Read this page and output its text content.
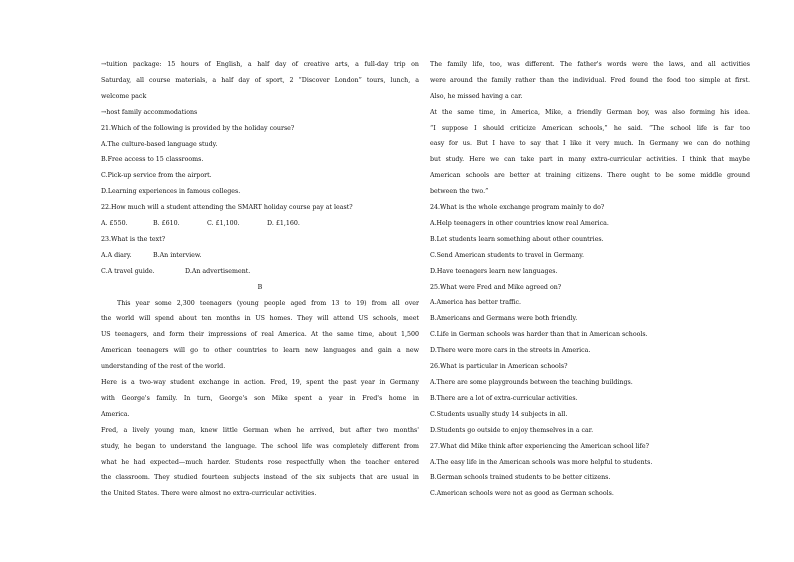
→tuition package: 15 hours of English, a half day of creative arts, a full-day trip on
Saturday, all course materials, a half day of sport, 2 “Discover London” tours, lunch, a
welcome pack
→host family accommodations
21.Which of the following is provided by the holiday course?
A.The culture-based language study.
B.Free access to 15 classrooms.
C.Pick-up service from the airport.
D.Learning experiences in famous colleges.
22.How much will a student attending the SMART holiday course pay at least?
A. £550.	B. £610.	C. £1,100.	D. £1,160.
23.What is the text?
A.A diary.	B.An interview.
C.A travel guide.	D.An advertisement.
B
This year some 2,300 teenagers (young people aged from 13 to 19) from all over
the world will spend about ten months in US homes. They will attend US schools, meet
US teenagers, and form their impressions of real America. At the same time, about 1,500
American teenagers will go to other countries to learn new languages and gain a new
understanding of the rest of the world.
Here is a two-way student exchange in action. Fred, 19, spent the past year in Germany
with George's family. In turn, George's son Mike spent a year in Fred's home in
America.
Fred, a lively young man, knew little German when he arrived, but after two months'
study, he began to understand the language. The school life was completely different from
what he had expected—much harder. Students rose respectfully when the teacher entered
the classroom. They studied fourteen subjects instead of the six subjects that are usual in
the United States. There were almost no extra-curricular activities.
The family life, too, was different. The father's words were the laws, and all activities
were around the family rather than the individual. Fred found the food too simple at first.
Also, he missed having a car.
At the same time, in America, Mike, a friendly German boy, was also forming his idea.
“I suppose I should criticize American schools,” he said. “The school life is far too
easy for us. But I have to say that I like it very much. In Germany we can do nothing
but study. Here we can take part in many extra-curricular activities. I think that maybe
American schools are better at training citizens. There ought to be some middle ground
between the two.”
24.What is the whole exchange program mainly to do?
A.Help teenagers in other countries know real America.
B.Let students learn something about other countries.
C.Send American students to travel in Germany.
D.Have teenagers learn new languages.
25.What were Fred and Mike agreed on?
A.America has better traffic.
B.Americans and Germans were both friendly.
C.Life in German schools was harder than that in American schools.
D.There were more cars in the streets in America.
26.What is particular in American schools?
A.There are some playgrounds between the teaching buildings.
B.There are a lot of extra-curricular activities.
C.Students usually study 14 subjects in all.
D.Students go outside to enjoy themselves in a car.
27.What did Mike think after experiencing the American school life?
A.The easy life in the American schools was more helpful to students.
B.German schools trained students to be better citizens.
C.American schools were not as good as German schools.
